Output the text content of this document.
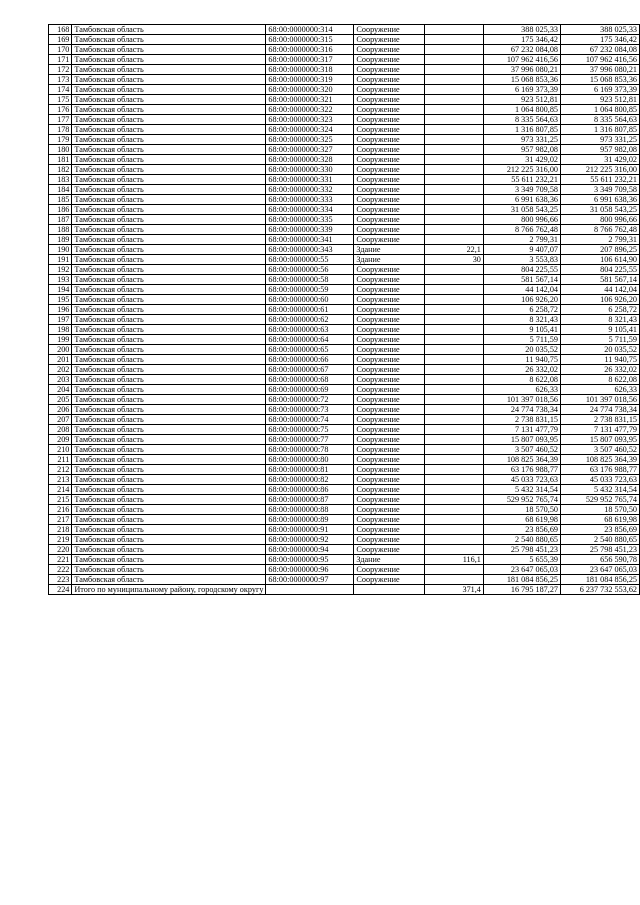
168	Тамбовская область	68:00:0000000:314	Сооружение		388 025,33	388 025,33
169	Тамбовская область	68:00:0000000:315	Сооружение		175 346,42	175 346,42
170	Тамбовская область	68:00:0000000:316	Сооружение		67 232 084,08	67 232 084,08
171	Тамбовская область	68:00:0000000:317	Сооружение		107 962 416,56	107 962 416,56
172	Тамбовская область	68:00:0000000:318	Сооружение		37 996 080,21	37 996 080,21
173	Тамбовская область	68:00:0000000:319	Сооружение		15 068 853,36	15 068 853,36
174	Тамбовская область	68:00:0000000:320	Сооружение		6 169 373,39	6 169 373,39
175	Тамбовская область	68:00:0000000:321	Сооружение		923 512,81	923 512,81
176	Тамбовская область	68:00:0000000:322	Сооружение		1 064 800,85	1 064 800,85
177	Тамбовская область	68:00:0000000:323	Сооружение		8 335 564,63	8 335 564,63
178	Тамбовская область	68:00:0000000:324	Сооружение		1 316 807,85	1 316 807,85
179	Тамбовская область	68:00:0000000:325	Сооружение		973 331,25	973 331,25
180	Тамбовская область	68:00:0000000:327	Сооружение		957 982,08	957 982,08
181	Тамбовская область	68:00:0000000:328	Сооружение		31 429,02	31 429,02
182	Тамбовская область	68:00:0000000:330	Сооружение		212 225 316,00	212 225 316,00
183	Тамбовская область	68:00:0000000:331	Сооружение		55 611 232,21	55 611 232,21
184	Тамбовская область	68:00:0000000:332	Сооружение		3 349 709,58	3 349 709,58
185	Тамбовская область	68:00:0000000:333	Сооружение		6 991 638,36	6 991 638,36
186	Тамбовская область	68:00:0000000:334	Сооружение		31 058 543,25	31 058 543,25
187	Тамбовская область	68:00:0000000:335	Сооружение		800 996,66	800 996,66
188	Тамбовская область	68:00:0000000:339	Сооружение		8 766 762,48	8 766 762,48
189	Тамбовская область	68:00:0000000:341	Сооружение		2 799,31	2 799,31
190	Тамбовская область	68:00:0000000:343	Здание	22,1	9 407,07	207 896,25
191	Тамбовская область	68:00:0000000:55	Здание	30	3 553,83	106 614,90
192	Тамбовская область	68:00:0000000:56	Сооружение		804 225,55	804 225,55
193	Тамбовская область	68:00:0000000:58	Сооружение		581 567,14	581 567,14
194	Тамбовская область	68:00:0000000:59	Сооружение		44 142,04	44 142,04
195	Тамбовская область	68:00:0000000:60	Сооружение		106 926,20	106 926,20
196	Тамбовская область	68:00:0000000:61	Сооружение		6 258,72	6 258,72
197	Тамбовская область	68:00:0000000:62	Сооружение		8 321,43	8 321,43
198	Тамбовская область	68:00:0000000:63	Сооружение		9 105,41	9 105,41
199	Тамбовская область	68:00:0000000:64	Сооружение		5 711,59	5 711,59
200	Тамбовская область	68:00:0000000:65	Сооружение		20 035,52	20 035,52
201	Тамбовская область	68:00:0000000:66	Сооружение		11 940,75	11 940,75
202	Тамбовская область	68:00:0000000:67	Сооружение		26 332,02	26 332,02
203	Тамбовская область	68:00:0000000:68	Сооружение		8 622,08	8 622,08
204	Тамбовская область	68:00:0000000:69	Сооружение		626,33	626,33
205	Тамбовская область	68:00:0000000:72	Сооружение		101 397 018,56	101 397 018,56
206	Тамбовская область	68:00:0000000:73	Сооружение		24 774 738,34	24 774 738,34
207	Тамбовская область	68:00:0000000:74	Сооружение		2 738 831,15	2 738 831,15
208	Тамбовская область	68:00:0000000:75	Сооружение		7 131 477,79	7 131 477,79
209	Тамбовская область	68:00:0000000:77	Сооружение		15 807 093,95	15 807 093,95
210	Тамбовская область	68:00:0000000:78	Сооружение		3 507 460,52	3 507 460,52
211	Тамбовская область	68:00:0000000:80	Сооружение		108 825 364,39	108 825 364,39
212	Тамбовская область	68:00:0000000:81	Сооружение		63 176 988,77	63 176 988,77
213	Тамбовская область	68:00:0000000:82	Сооружение		45 033 723,63	45 033 723,63
214	Тамбовская область	68:00:0000000:86	Сооружение		5 432 314,54	5 432 314,54
215	Тамбовская область	68:00:0000000:87	Сооружение		529 952 765,74	529 952 765,74
216	Тамбовская область	68:00:0000000:88	Сооружение		18 570,50	18 570,50
217	Тамбовская область	68:00:0000000:89	Сооружение		68 619,98	68 619,98
218	Тамбовская область	68:00:0000000:91	Сооружение		23 856,69	23 856,69
219	Тамбовская область	68:00:0000000:92	Сооружение		2 540 880,65	2 540 880,65
220	Тамбовская область	68:00:0000000:94	Сооружение		25 798 451,23	25 798 451,23
221	Тамбовская область	68:00:0000000:95	Здание	116,1	5 655,39	656 590,78
222	Тамбовская область	68:00:0000000:96	Сооружение		23 647 065,03	23 647 065,03
223	Тамбовская область	68:00:0000000:97	Сооружение		181 084 856,25	181 084 856,25
224	Итого по муниципальному району, городскому округу			371,4	16 795 187,27	6 237 732 553,62
